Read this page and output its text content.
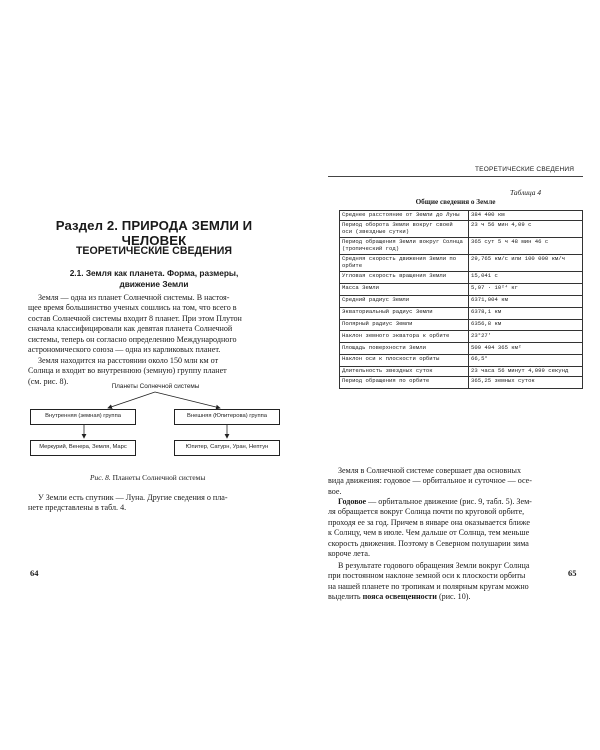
Раздел 2. ПРИРОДА ЗЕМЛИ И ЧЕЛОВЕК
ТЕОРЕТИЧЕСКИЕ СВЕДЕНИЯ
2.1. Земля как планета. Форма, размеры,
движение Земли
Земля — одна из планет Солнечной системы. В настоя-
щее время большинство ученых сошлись на том, что всего в
состав Солнечной системы входит 8 планет. При этом Плутон
сначала классифицировали как девятая планета Солнечной
системы, теперь он согласно определению Международного
астрономического союза — одна из карликовых планет.
Земля находится на расстоянии около 150 млн км от
Солнца и входит во внутреннюю (земную) группу планет
(см. рис. 8).
Планеты Солнечной системы
Внутренняя (земная) группа	Внешняя (Юпитерова) группа
Меркурий, Венера, Земля, Марс	Юпитер, Сатурн, Уран, Нептун
Рис. 8. Планеты Солнечной системы
У Земли есть спутник — Луна. Другие сведения о пла-
нете представлены в табл. 4.
64
ТЕОРЕТИЧЕСКИЕ СВЕДЕНИЯ
Таблица 4
Общие сведения о Земле
Среднее расстояние от Земли до Луны	384 400 км
Период оборота Земли вокруг своей оси (звездные сутки)	23 ч 56 мин 4,09 с
Период обращения Земли вокруг Солнца (тропический год)	365 сут 5 ч 48 мин 46 с
Средняя скорость движения Земли по орбите	29,765 км/с или 100 000 км/ч
Угловая скорость вращения Земли	15,041 с
Масса Земли	5,97 · 10²⁴ кг
Средний радиус Земли	6371,004 км
Экваториальный радиус Земли	6378,1 км
Полярный радиус Земли	6356,8 км
Наклон земного экватора к орбите	23°27′
Площадь поверхности Земли	509 494 365 км²
Наклон оси к плоскости орбиты	66,5°
Длительность звездных суток	23 часа 56 минут 4,099 секунд
Период обращения по орбите	365,25 земных суток
Земля в Солнечной системе совершает два основных
вида движения: годовое — орбитальное и суточное — осе-
вое.
Годовое — орбитальное движение (рис. 9, табл. 5). Зем-
ля обращается вокруг Солнца почти по круговой орбите,
проходя ее за год. Причем в январе она оказывается ближе
к Солнцу, чем в июле. Чем дальше от Солнца, тем меньше
скорость движения. Поэтому в Северном полушарии зима
короче лета.
В результате годового обращения Земли вокруг Солнца
при постоянном наклоне земной оси к плоскости орбиты
на нашей планете по тропикам и полярным кругам можно
выделить пояса освещенности (рис. 10).
65
